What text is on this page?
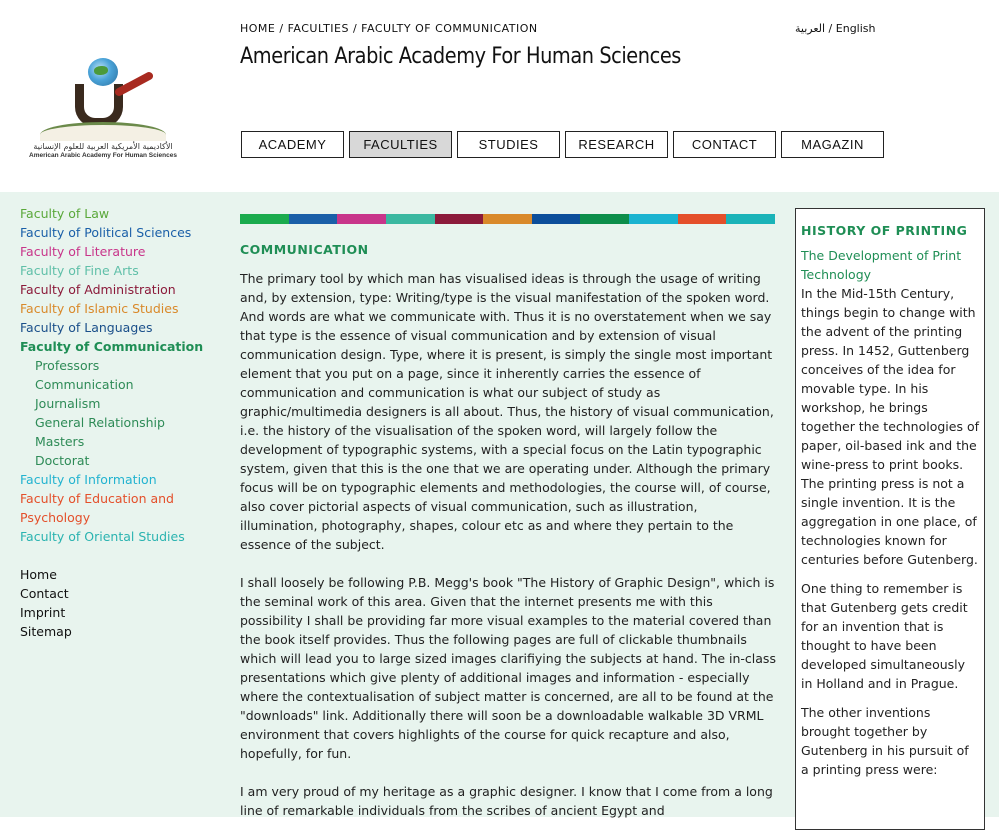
الأكاديمية الأمريكية العربية للعلوم الإنسانية
American Arabic Academy For Human Sciences
HOME / FACULTIES / FACULTY OF COMMUNICATION	العربية / English
American Arabic Academy For Human Sciences
ACADEMY	FACULTIES	STUDIES	RESEARCH	CONTACT	MAGAZIN
Faculty of Law
Faculty of Political Sciences
Faculty of Literature
Faculty of Fine Arts
Faculty of Administration
Faculty of Islamic Studies
Faculty of Languages
Faculty of Communication
Professors
Communication
Journalism
General Relationship
Masters
Doctorat
Faculty of Information
Faculty of Education and Psychology
Faculty of Oriental Studies
Home
Contact
Imprint
Sitemap
COMMUNICATION

The primary tool by which man has visualised ideas is through the usage of writing and, by extension, type: Writing/type is the visual manifestation of the spoken word. And words are what we communicate with. Thus it is no overstatement when we say that type is the essence of visual communication and by extension of visual communication design. Type, where it is present, is simply the single most important element that you put on a page, since it inherently carries the essence of communication and communication is what our subject of study as graphic/multimedia designers is all about. Thus, the history of visual communication, i.e. the history of the visualisation of the spoken word, will largely follow the development of typographic systems, with a special focus on the Latin typographic system, given that this is the one that we are operating under. Although the primary focus will be on typographic elements and methodologies, the course will, of course, also cover pictorial aspects of visual communication, such as illustration, illumination, photography, shapes, colour etc as and where they pertain to the essence of the subject.

I shall loosely be following P.B. Megg's book "The History of Graphic Design", which is the seminal work of this area. Given that the internet presents me with this possibility I shall be providing far more visual examples to the material covered than the book itself provides. Thus the following pages are full of clickable thumbnails which will lead you to large sized images clarifiying the subjects at hand. The in-class presentations which give plenty of additional images and information - especially where the contextualisation of subject matter is concerned, are all to be found at the "downloads" link. Additionally there will soon be a downloadable walkable 3D VRML environment that covers highlights of the course for quick recapture and also, hopefully, for fun.

I am very proud of my heritage as a graphic designer. I know that I come from a long line of remarkable individuals from the scribes of ancient Egypt and

HISTORY OF PRINTING
The Development of Print Technology

In the Mid-15th Century, things begin to change with the advent of the printing press. In 1452, Guttenberg conceives of the idea for movable type. In his workshop, he brings together the technologies of paper, oil-based ink and the wine-press to print books. The printing press is not a single invention. It is the aggregation in one place, of technologies known for centuries before Gutenberg.

One thing to remember is that Gutenberg gets credit for an invention that is thought to have been developed simultaneously in Holland and in Prague.

The other inventions brought together by Gutenberg in his pursuit of a printing press were:
